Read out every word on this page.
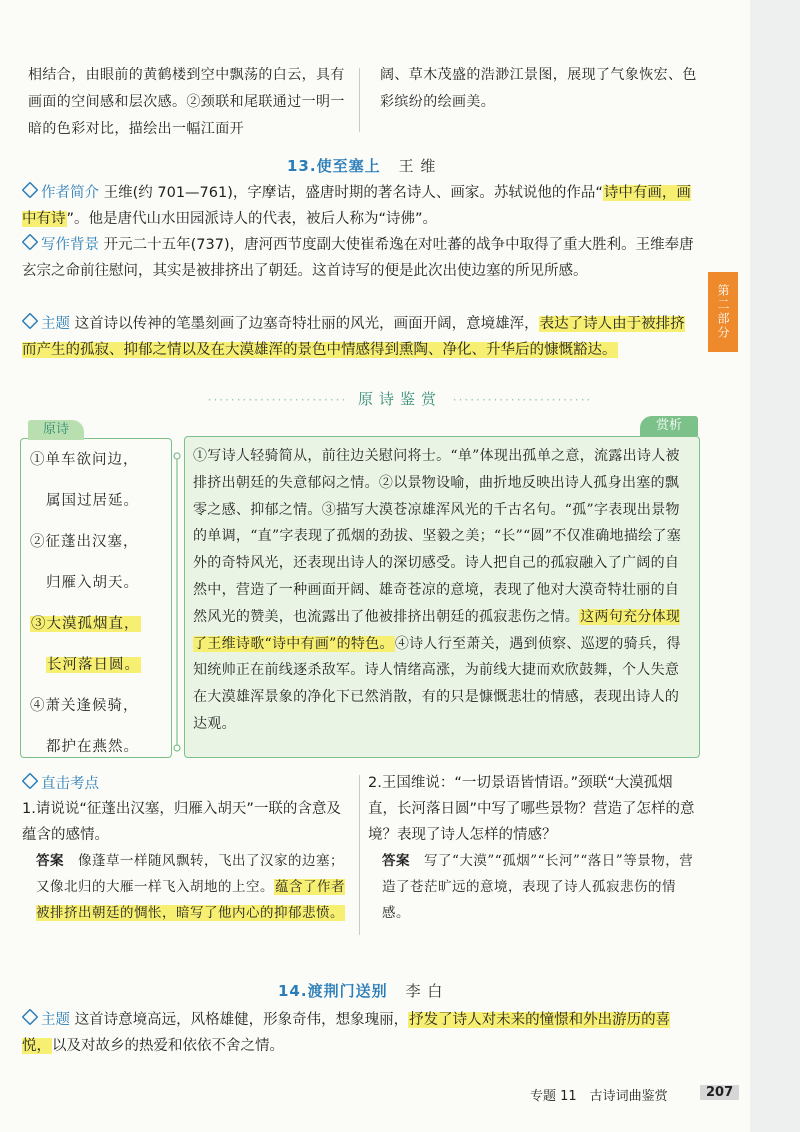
相结合，由眼前的黄鹤楼到空中飘荡的白云，具有画面的空间感和层次感。②颈联和尾联通过一明一暗的色彩对比，描绘出一幅江面开
阔、草木茂盛的浩渺江景图，展现了气象恢宏、色彩缤纷的绘画美。
13.使至塞上 王 维
作者简介 王维(约 701—761)，字摩诘，盛唐时期的著名诗人、画家。苏轼说他的作品“诗中有画，画中有诗”。他是唐代山水田园派诗人的代表，被后人称为“诗佛”。
写作背景 开元二十五年(737)，唐河西节度副大使崔希逸在对吐蕃的战争中取得了重大胜利。王维奉唐玄宗之命前往慰问，其实是被排挤出了朝廷。这首诗写的便是此次出使边塞的所见所感。
主题 这首诗以传神的笔墨刻画了边塞奇特壮丽的风光，画面开阔，意境雄浑，表达了诗人由于被排挤而产生的孤寂、抑郁之情以及在大漠雄浑的景色中情感得到熏陶、净化、升华后的慷慨豁达。
第二部分
························ 原诗鉴赏 ························
原诗
①单车欲问边，
属国过居延。
②征蓬出汉塞，
归雁入胡天。
③大漠孤烟直，
长河落日圆。
④萧关逢候骑，
都护在燕然。
赏析
①写诗人轻骑简从，前往边关慰问将士。“单”体现出孤单之意，流露出诗人被排挤出朝廷的失意郁闷之情。②以景物设喻，曲折地反映出诗人孤身出塞的飘零之感、抑郁之情。③描写大漠苍凉雄浑风光的千古名句。“孤”字表现出景物的单调，“直”字表现了孤烟的劲拔、坚毅之美；“长”“圆”不仅准确地描绘了塞外的奇特风光，还表现出诗人的深切感受。诗人把自己的孤寂融入了广阔的自然中，营造了一种画面开阔、雄奇苍凉的意境，表现了他对大漠奇特壮丽的自然风光的赞美，也流露出了他被排挤出朝廷的孤寂悲伤之情。这两句充分体现了王维诗歌“诗中有画”的特色。④诗人行至萧关，遇到侦察、巡逻的骑兵，得知统帅正在前线逐杀敌军。诗人情绪高涨，为前线大捷而欢欣鼓舞，个人失意在大漠雄浑景象的净化下已然消散，有的只是慷慨悲壮的情感，表现出诗人的达观。
直击考点
1.请说说“征蓬出汉塞，归雁入胡天”一联的含意及蕴含的感情。
答案　 像蓬草一样随风飘转，飞出了汉家的边塞；又像北归的大雁一样飞入胡地的上空。蕴含了作者被排挤出朝廷的惆怅，暗写了他内心的抑郁悲愤。
2.王国维说：“一切景语皆情语。”颈联“大漠孤烟直，长河落日圆”中写了哪些景物？营造了怎样的意境？表现了诗人怎样的情感？
答案　 写了“大漠”“孤烟”“长河”“落日”等景物，营造了苍茫旷远的意境，表现了诗人孤寂悲伤的情感。
14.渡荆门送别 李 白
主题 这首诗意境高远，风格雄健，形象奇伟，想象瑰丽，抒发了诗人对未来的憧憬和外出游历的喜悦，以及对故乡的热爱和依依不舍之情。
专题 11　古诗词曲鉴赏	207
